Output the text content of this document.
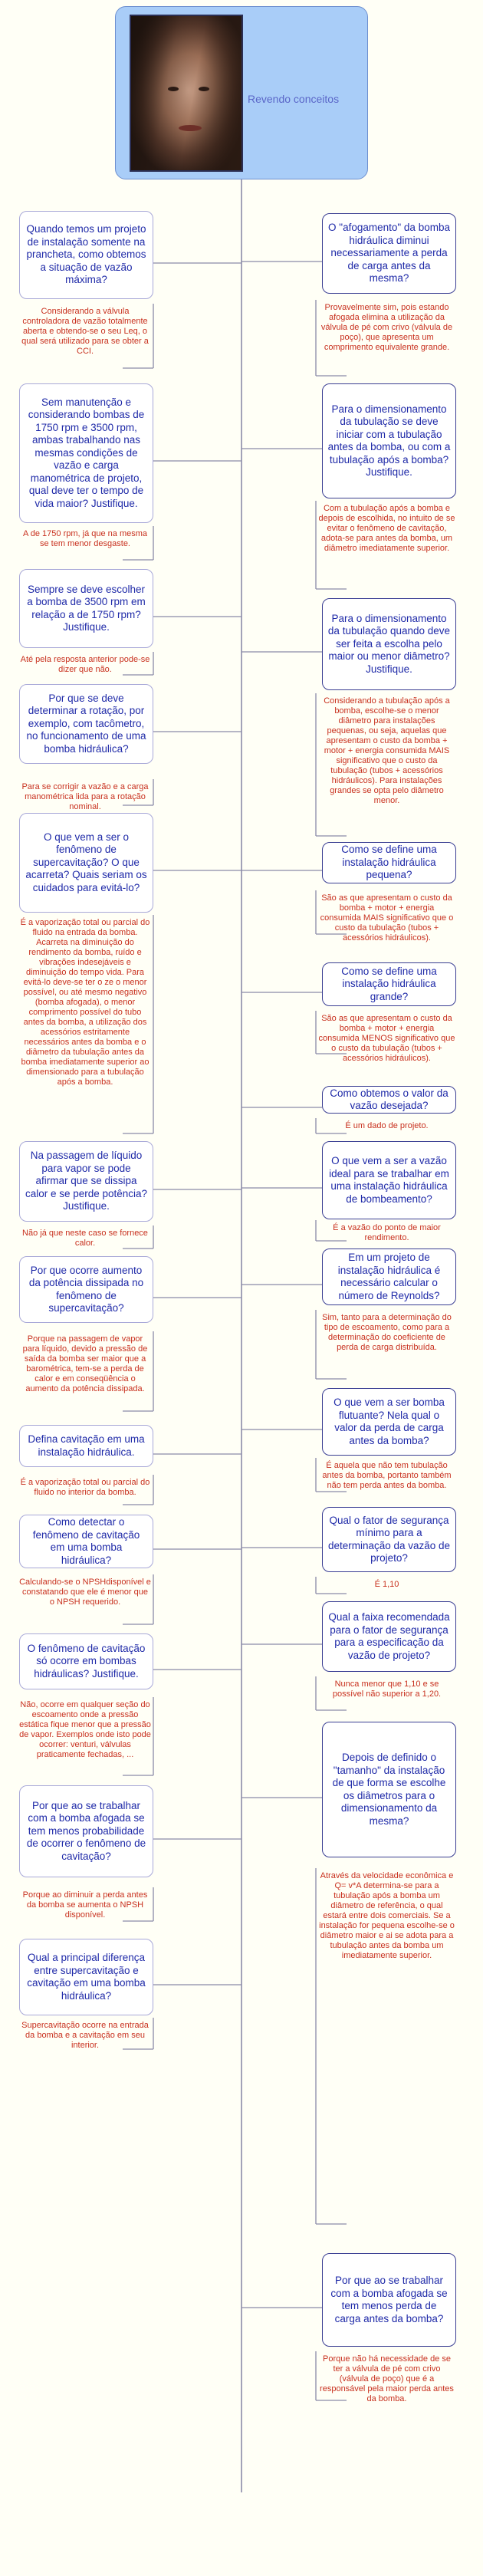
Revendo conceitos
Quando temos um projeto de instalação somente na prancheta, como obtemos a situação de vazão máxima?
Considerando a válvula controladora de vazão totalmente aberta e obtendo-se o seu Leq, o qual será utilizado para se obter a CCI.
Sem manutenção e considerando bombas de 1750 rpm e 3500 rpm, ambas trabalhando nas mesmas condições de vazão e carga manométrica de projeto, qual deve ter o tempo de vida maior? Justifique.
A de 1750 rpm, já que na mesma se tem menor desgaste.
Sempre se deve escolher a bomba de 3500 rpm em relação a de 1750 rpm? Justifique.
Até pela resposta anterior pode-se dizer que não.
Por que se deve determinar a rotação, por exemplo, com tacômetro, no funcionamento de uma bomba hidráulica?
Para se corrigir a vazão e a carga manométrica lida para a rotação nominal.
O que vem a ser o fenômeno de supercavitação? O que acarreta? Quais seriam os cuidados para evitá-lo?
É a vaporização total ou parcial do fluido na entrada da bomba. Acarreta na diminuição do rendimento da bomba, ruído e vibrações indesejáveis e diminuição do tempo vida. Para evitá-lo deve-se ter o ze o menor possível, ou até mesmo negativo (bomba afogada), o menor comprimento possível do tubo antes da bomba, a utilização dos acessórios estritamente necessários antes da bomba e o diâmetro da tubulação antes da bomba imediatamente superior ao dimensionado para a tubulação após a bomba.
Na passagem de líquido para vapor se pode afirmar que se dissipa calor e se perde potência? Justifique.
Não já que neste caso se fornece calor.
Por que ocorre aumento da potência dissipada no fenômeno de supercavitação?
Porque na passagem de vapor para líquido, devido a pressão de saída da bomba ser maior que a barométrica, tem-se a perda de calor e em conseqüência o aumento da potência dissipada.
Defina cavitação em uma instalação hidráulica.
É a vaporização total ou parcial do fluido no interior da bomba.
Como detectar o fenômeno de cavitação em uma bomba hidráulica?
Calculando-se o NPSHdisponível e constatando que ele é menor que o NPSH requerido.
O fenômeno de cavitação só ocorre em bombas hidráulicas? Justifique.
Não, ocorre em qualquer seção do escoamento onde a pressão estática fique menor que a pressão de vapor. Exemplos onde isto pode ocorrer: venturi, válvulas praticamente fechadas, ...
Por que ao se trabalhar com a bomba afogada se tem menos probabilidade de ocorrer o fenômeno de cavitação?
Porque ao diminuir a perda antes da bomba se aumenta o NPSH disponível.
Qual a principal diferença entre supercavitação e cavitação em uma bomba hidráulica?
Supercavitação ocorre na entrada da bomba e a cavitação em seu interior.
O "afogamento" da bomba hidráulica diminui necessariamente a perda de carga antes da mesma?
Provavelmente sim, pois estando afogada elimina a utilização da válvula de pé com crivo (válvula de poço), que apresenta um comprimento equivalente grande.
Para o dimensionamento da tubulação se deve iniciar com a tubulação antes da bomba, ou com a tubulação após a bomba? Justifique.
Com a tubulação após a bomba e depois de escolhida, no intuito de se evitar o fenômeno de cavitação, adota-se para antes da bomba, um diâmetro imediatamente superior.
Para o dimensionamento da tubulação quando deve ser feita a escolha pelo maior ou menor diâmetro? Justifique.
Considerando a tubulação após a bomba, escolhe-se o menor diâmetro para instalações pequenas, ou seja, aquelas que apresentam o custo da bomba + motor + energia consumida MAIS significativo que o custo da tubulação (tubos + acessórios hidráulicos). Para instalações grandes se opta pelo diâmetro menor.
Como se define uma instalação hidráulica pequena?
São as que apresentam o custo da bomba + motor + energia consumida MAIS significativo que o custo da tubulação (tubos + acessórios hidráulicos).
Como se define uma instalação hidráulica grande?
São as que apresentam o custo da bomba + motor + energia consumida MENOS significativo que o custo da tubulação (tubos + acessórios hidráulicos).
Como obtemos o valor da vazão desejada?
É um dado de projeto.
O que vem a ser a vazão ideal para se trabalhar em uma instalação hidráulica de bombeamento?
É a vazão do ponto de maior rendimento.
Em um projeto de instalação hidráulica é necessário calcular o número de Reynolds?
Sim, tanto para a determinação do tipo de escoamento, como para a determinação do coeficiente de perda de carga distribuída.
O que vem a ser bomba flutuante? Nela qual o valor da perda de carga antes da bomba?
É aquela que não tem tubulação antes da bomba, portanto também não tem perda antes da bomba.
Qual o fator de segurança mínimo para a determinação da vazão de projeto?
É 1,10
Qual a faixa recomendada para o fator de segurança para a especificação da vazão de projeto?
Nunca menor que 1,10 e se possível não superior a 1,20.
Depois de definido o "tamanho" da instalação de que forma se escolhe os diâmetros para o dimensionamento da mesma?
Através da velocidade econômica e Q= v*A determina-se para a tubulação após a bomba um diâmetro de referência, o qual estará entre dois comerciais. Se a instalação for pequena escolhe-se o diâmetro maior e ai se adota para a tubulação antes da bomba um imediatamente superior.
Por que ao se trabalhar com a bomba afogada se tem menos perda de carga antes da bomba?
Porque não há necessidade de se ter a válvula de pé com crivo (válvula de poço) que é a responsável pela maior perda antes da bomba.
